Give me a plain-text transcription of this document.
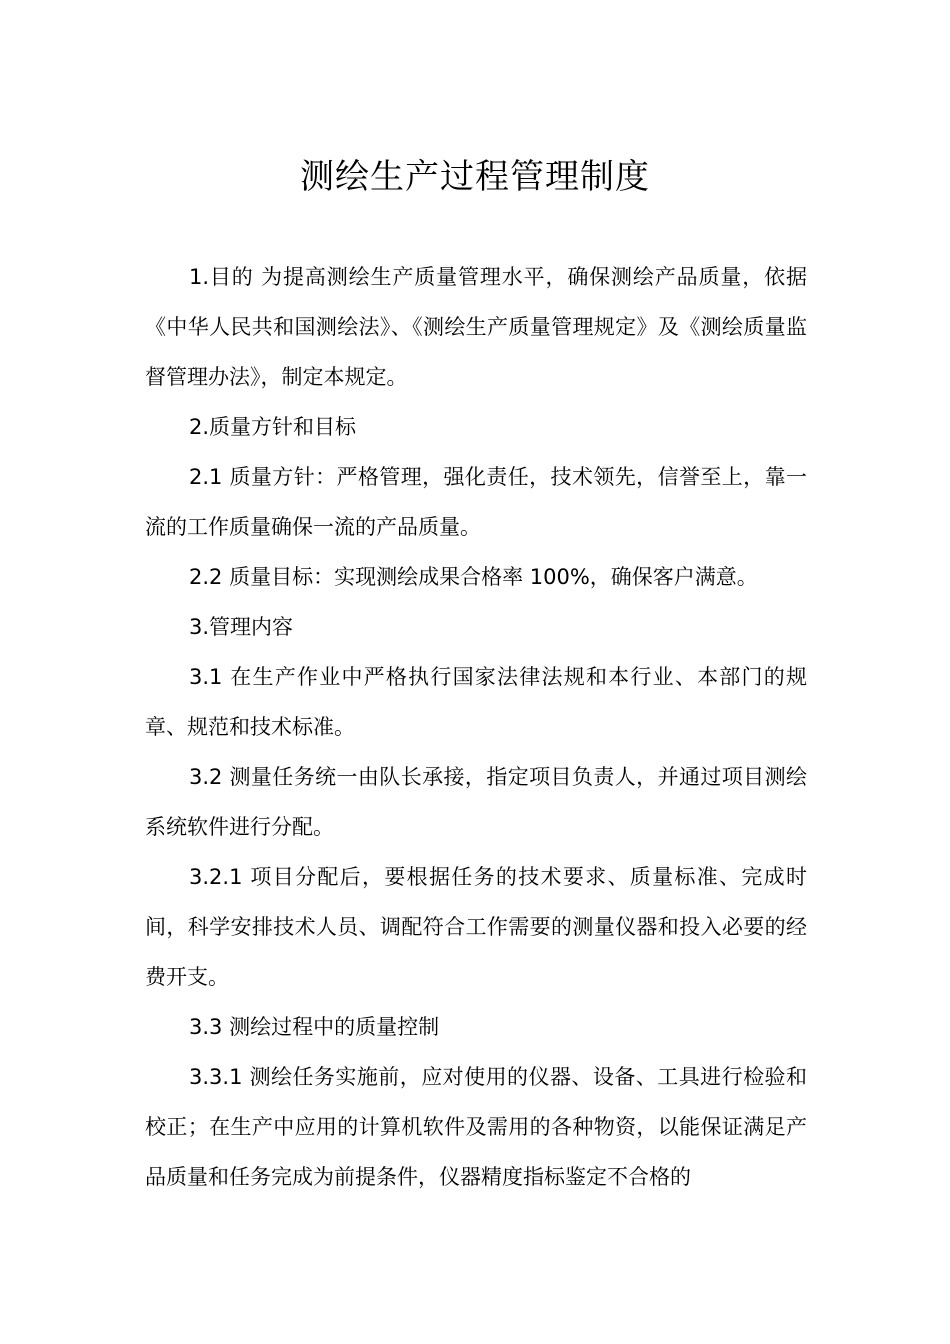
测绘生产过程管理制度

1.目的 为提高测绘生产质量管理水平，确保测绘产品质量，依据《中华人民共和国测绘法》、《测绘生产质量管理规定》及《测绘质量监督管理办法》，制定本规定。

2.质量方针和目标

2.1 质量方针：严格管理，强化责任，技术领先，信誉至上，靠一流的工作质量确保一流的产品质量。

2.2 质量目标：实现测绘成果合格率 100%，确保客户满意。

3.管理内容

3.1 在生产作业中严格执行国家法律法规和本行业、本部门的规章、规范和技术标准。

3.2 测量任务统一由队长承接，指定项目负责人，并通过项目测绘系统软件进行分配。

3.2.1 项目分配后，要根据任务的技术要求、质量标准、完成时间，科学安排技术人员、调配符合工作需要的测量仪器和投入必要的经费开支。

3.3 测绘过程中的质量控制

3.3.1 测绘任务实施前，应对使用的仪器、设备、工具进行检验和校正；在生产中应用的计算机软件及需用的各种物资，以能保证满足产品质量和任务完成为前提条件，仪器精度指标鉴定不合格的
